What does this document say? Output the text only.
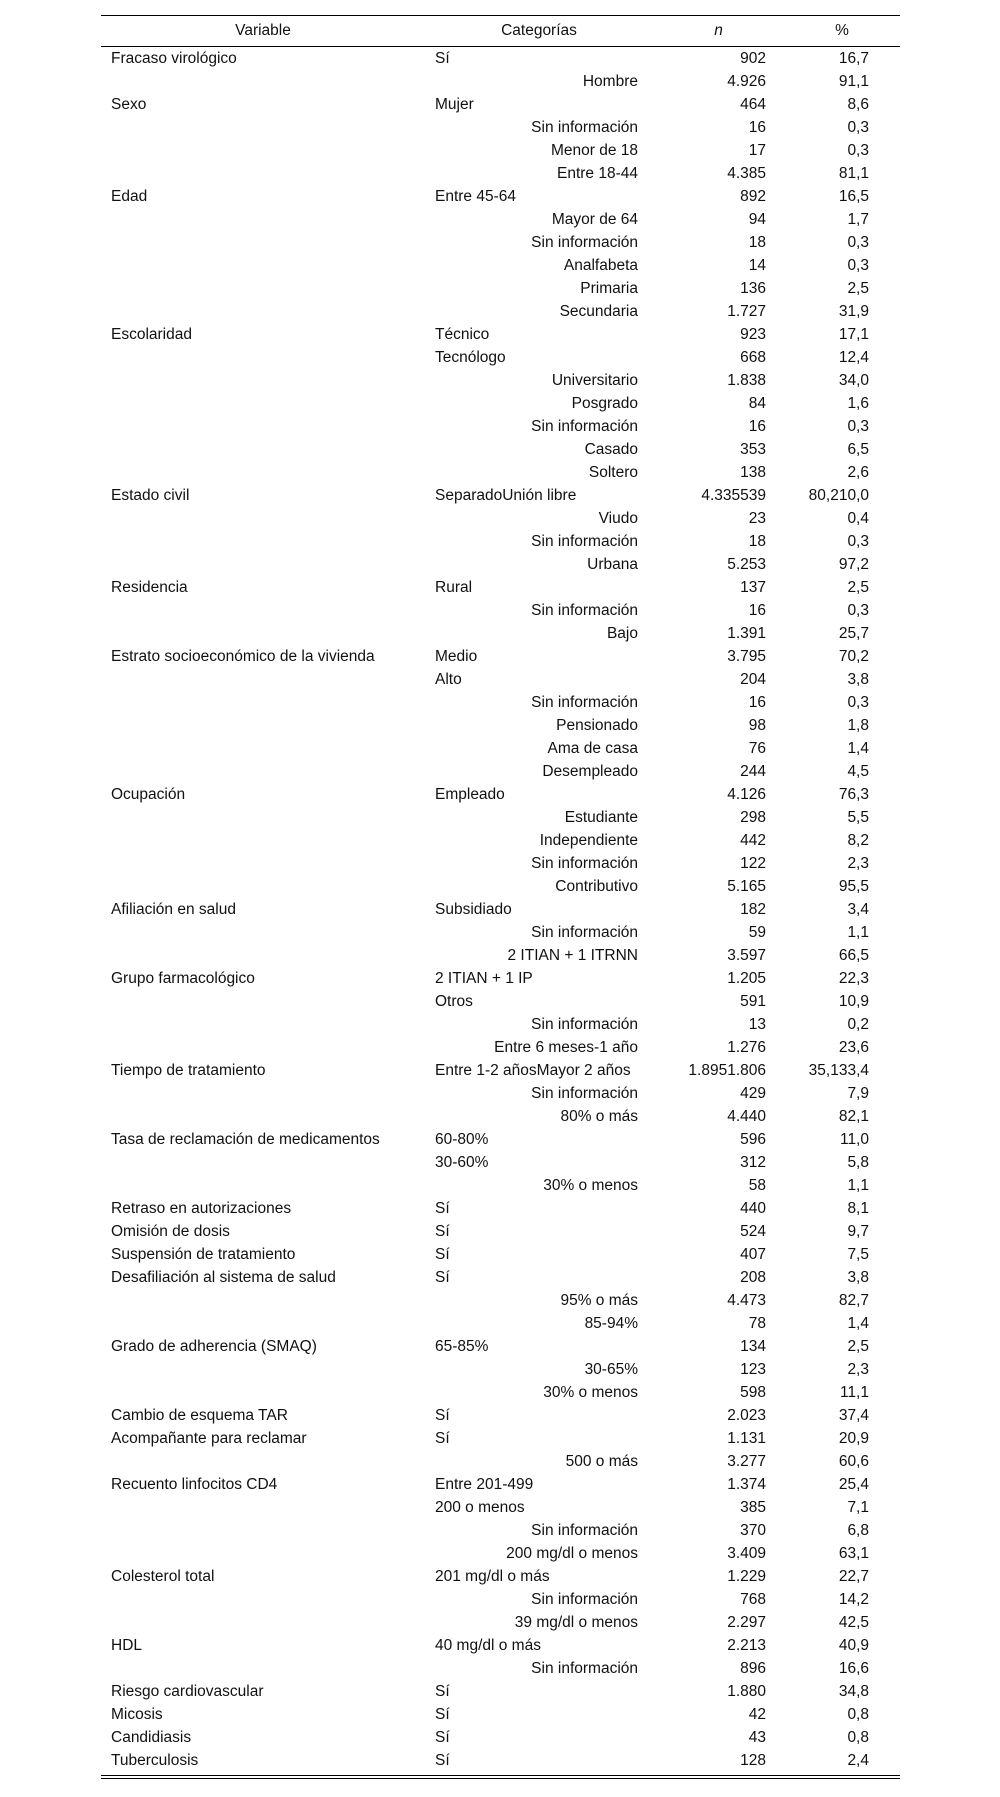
Variable	Categorías	n	%
Fracaso virológico	Sí	902	16,7
	Hombre	4.926	91,1
Sexo	Mujer	464	8,6
	Sin información	16	0,3
	Menor de 18	17	0,3
	Entre 18-44	4.385	81,1
Edad	Entre 45-64	892	16,5
	Mayor de 64	94	1,7
	Sin información	18	0,3
	Analfabeta	14	0,3
	Primaria	136	2,5
	Secundaria	1.727	31,9
Escolaridad	Técnico	923	17,1
	Tecnólogo	668	12,4
	Universitario	1.838	34,0
	Posgrado	84	1,6
	Sin información	16	0,3
	Casado	353	6,5
	Soltero	138	2,6
Estado civil	SeparadoUnión libre	4.335539	80,210,0
	Viudo	23	0,4
	Sin información	18	0,3
	Urbana	5.253	97,2
Residencia	Rural	137	2,5
	Sin información	16	0,3
	Bajo	1.391	25,7
Estrato socioeconómico de la vivienda	Medio	3.795	70,2
	Alto	204	3,8
	Sin información	16	0,3
	Pensionado	98	1,8
	Ama de casa	76	1,4
	Desempleado	244	4,5
Ocupación	Empleado	4.126	76,3
	Estudiante	298	5,5
	Independiente	442	8,2
	Sin información	122	2,3
	Contributivo	5.165	95,5
Afiliación en salud	Subsidiado	182	3,4
	Sin información	59	1,1
	2 ITIAN + 1 ITRNN	3.597	66,5
Grupo farmacológico	2 ITIAN + 1 IP	1.205	22,3
	Otros	591	10,9
	Sin información	13	0,2
	Entre 6 meses-1 año	1.276	23,6
Tiempo de tratamiento	Entre 1-2 añosMayor 2 años	1.8951.806	35,133,4
	Sin información	429	7,9
	80% o más	4.440	82,1
Tasa de reclamación de medicamentos	60-80%	596	11,0
	30-60%	312	5,8
	30% o menos	58	1,1
Retraso en autorizaciones	Sí	440	8,1
Omisión de dosis	Sí	524	9,7
Suspensión de tratamiento	Sí	407	7,5
Desafiliación al sistema de salud	Sí	208	3,8
	95% o más	4.473	82,7
	85-94%	78	1,4
Grado de adherencia (SMAQ)	65-85%	134	2,5
	30-65%	123	2,3
	30% o menos	598	11,1
Cambio de esquema TAR	Sí	2.023	37,4
Acompañante para reclamar	Sí	1.131	20,9
	500 o más	3.277	60,6
Recuento linfocitos CD4	Entre 201-499	1.374	25,4
	200 o menos	385	7,1
	Sin información	370	6,8
	200 mg/dl o menos	3.409	63,1
Colesterol total	201 mg/dl o más	1.229	22,7
	Sin información	768	14,2
	39 mg/dl o menos	2.297	42,5
HDL	40 mg/dl o más	2.213	40,9
	Sin información	896	16,6
Riesgo cardiovascular	Sí	1.880	34,8
Micosis	Sí	42	0,8
Candidiasis	Sí	43	0,8
Tuberculosis	Sí	128	2,4
